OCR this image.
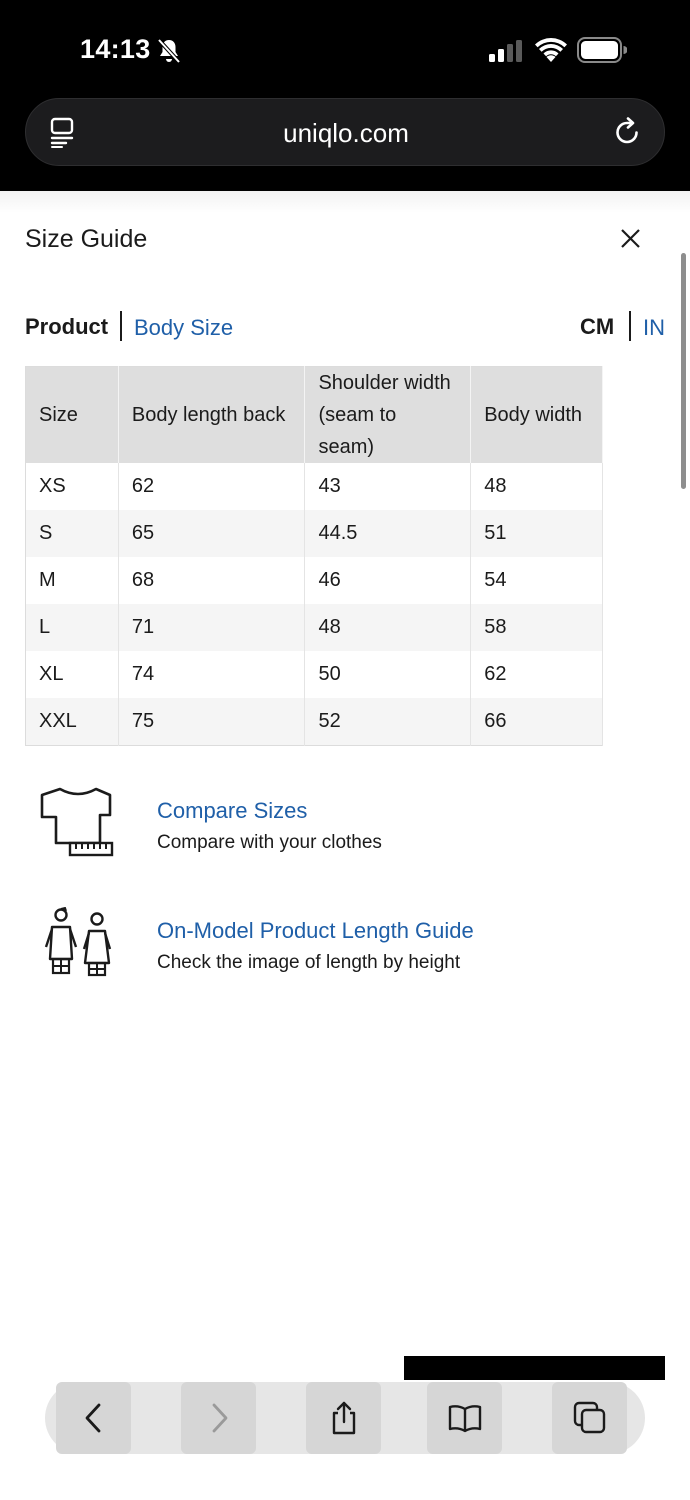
14:13
uniqlo.com
Size Guide
Product Body Size	CM IN
Size	Body length back	Shoulder width (seam to seam)	Body width
XS	62	43	48
S	65	44.5	51
M	68	46	54
L	71	48	58
XL	74	50	62
XXL	75	52	66
Compare Sizes
Compare with your clothes
On-Model Product Length Guide
Check the image of length by height
